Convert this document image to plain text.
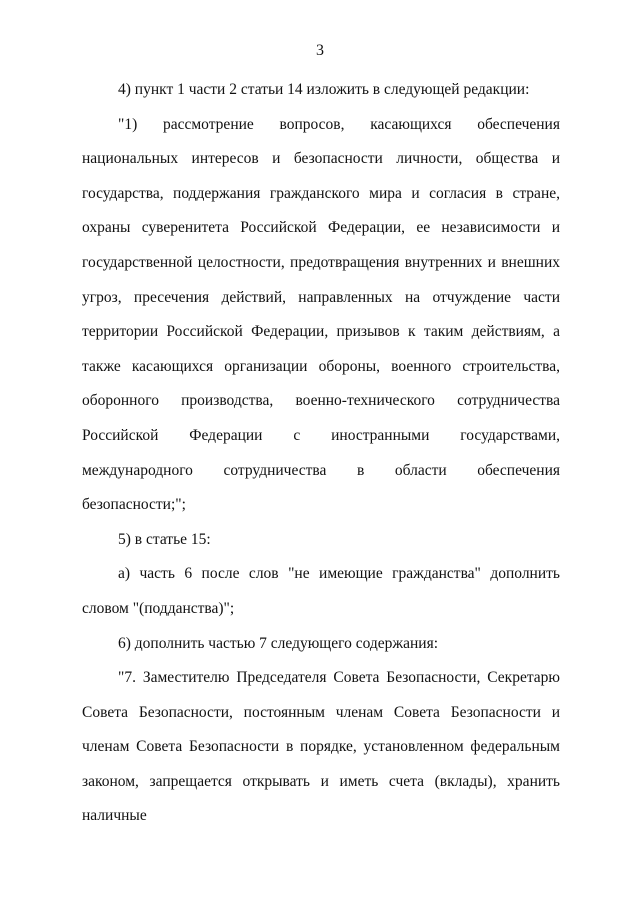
3

4) пункт 1 части 2 статьи 14 изложить в следующей редакции:

"1) рассмотрение вопросов, касающихся обеспечения национальных интересов и безопасности личности, общества и государства, поддержания гражданского мира и согласия в стране, охраны суверенитета Российской Федерации, ее независимости и государственной целостности, предотвращения внутренних и внешних угроз, пресечения действий, направленных на отчуждение части территории Российской Федерации, призывов к таким действиям, а также касающихся организации обороны, военного строительства, оборонного производства, военно-технического сотрудничества Российской Федерации с иностранными государствами, международного сотрудничества в области обеспечения безопасности;";

5) в статье 15:

а) часть 6 после слов "не имеющие гражданства" дополнить словом "(подданства)";

6) дополнить частью 7 следующего содержания:

"7. Заместителю Председателя Совета Безопасности, Секретарю Совета Безопасности, постоянным членам Совета Безопасности и членам Совета Безопасности в порядке, установленном федеральным законом, запрещается открывать и иметь счета (вклады), хранить наличные
